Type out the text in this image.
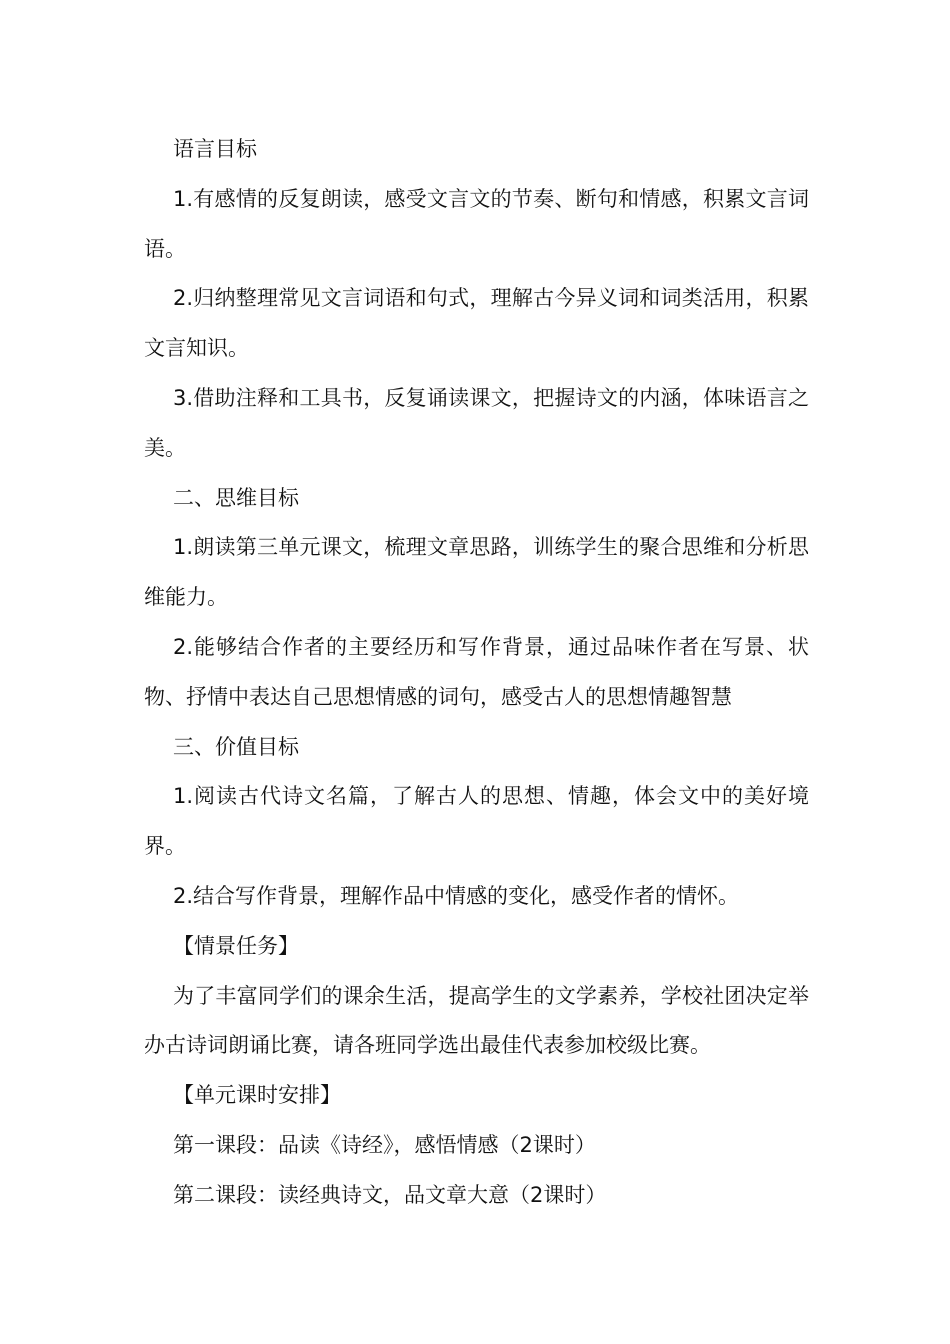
语言目标

1.有感情的反复朗读，感受文言文的节奏、断句和情感，积累文言词语。

2.归纳整理常见文言词语和句式，理解古今异义词和词类活用，积累文言知识。

3.借助注释和工具书，反复诵读课文，把握诗文的内涵，体味语言之美。

二、思维目标

1.朗读第三单元课文，梳理文章思路，训练学生的聚合思维和分析思维能力。

2.能够结合作者的主要经历和写作背景，通过品味作者在写景、状物、抒情中表达自己思想情感的词句，感受古人的思想情趣智慧

三、价值目标

1.阅读古代诗文名篇，了解古人的思想、情趣，体会文中的美好境界。

2.结合写作背景，理解作品中情感的变化，感受作者的情怀。

【情景任务】

为了丰富同学们的课余生活，提高学生的文学素养，学校社团决定举办古诗词朗诵比赛，请各班同学选出最佳代表参加校级比赛。

【单元课时安排】

第一课段：品读《诗经》，感悟情感（2课时）

第二课段：读经典诗文，品文章大意（2课时）
